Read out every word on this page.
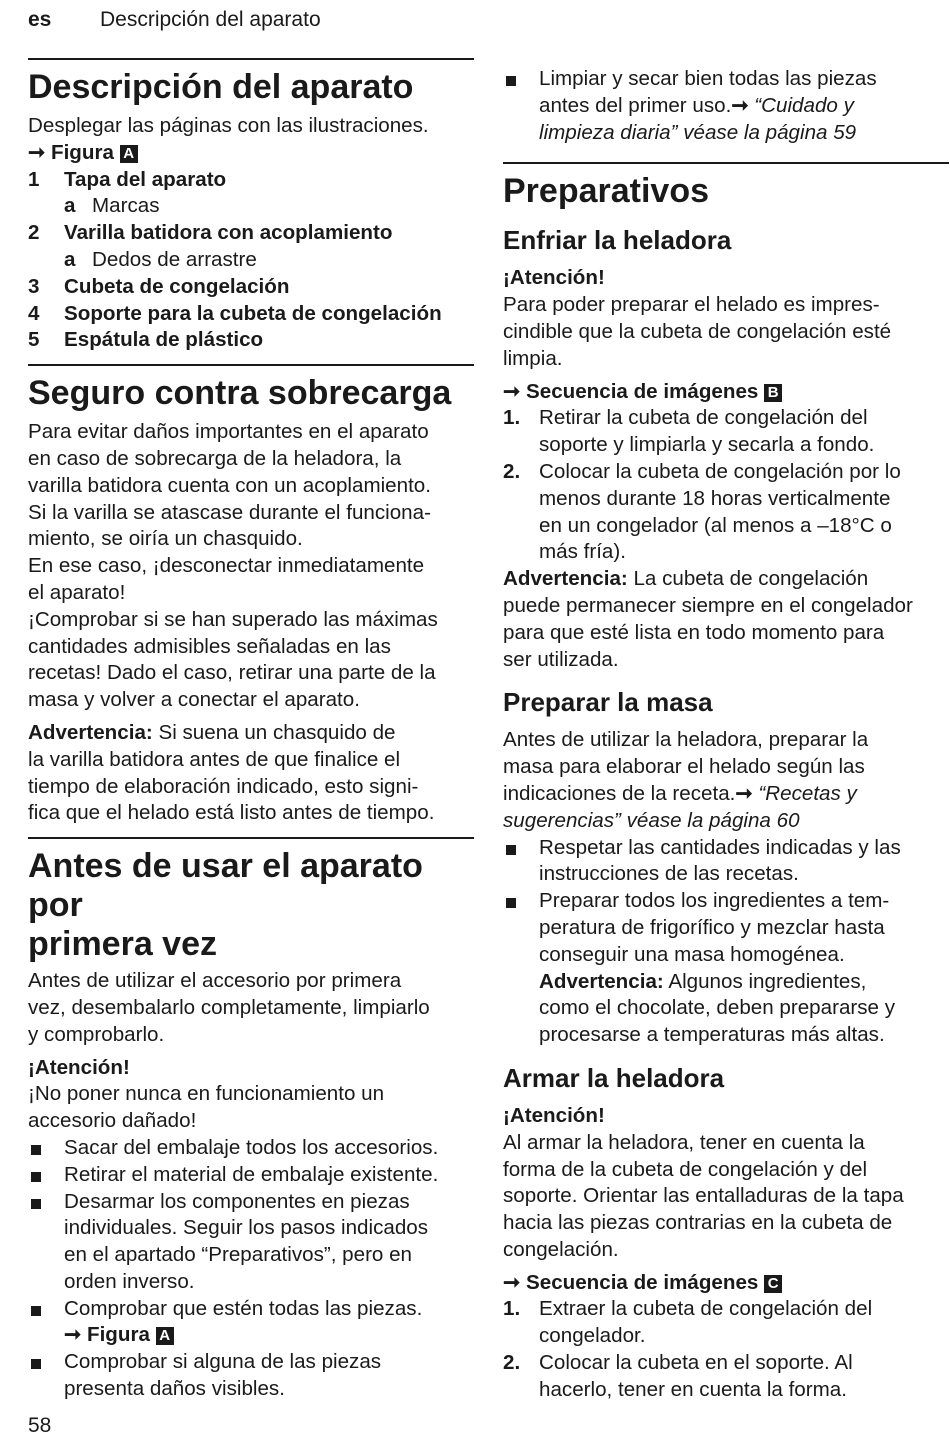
es Descripción del aparato
Descripción del aparato

Desplegar las páginas con las ilustraciones.

➞ Figura A

1	Tapa del aparato
a Marcas
2	Varilla batidora con acoplamiento
a Dedos de arrastre
3	Cubeta de congelación
4	Soporte para la cubeta de congelación
5	Espátula de plástico
Seguro contra sobrecarga

Para evitar daños importantes en el aparato

en caso de sobrecarga de la heladora, la

varilla batidora cuenta con un acoplamiento.

Si la varilla se atascase durante el funciona-

miento, se oiría un chasquido.

En ese caso, ¡desconectar inmediatamente

el aparato!

¡Comprobar si se han superado las máximas

cantidades admisibles señaladas en las

recetas! Dado el caso, retirar una parte de la

masa y volver a conectar el aparato.

Advertencia: Si suena un chasquido de

la varilla batidora antes de que finalice el

tiempo de elaboración indicado, esto signi-

fica que el helado está listo antes de tiempo.

Antes de usar el aparato por
primera vez

Antes de utilizar el accesorio por primera

vez, desembalarlo completamente, limpiarlo

y comprobarlo.

¡Atención!

¡No poner nunca en funcionamiento un

accesorio dañado!

Sacar del embalaje todos los accesorios.
Retirar el material de embalaje existente.
Desarmar los componentes en piezas
individuales. Seguir los pasos indicados
en el apartado “Preparativos”, pero en
orden inverso.
Comprobar que estén todas las piezas.
➞ Figura A
Comprobar si alguna de las piezas
presenta daños visibles.
Limpiar y secar bien todas las piezas
antes del primer uso.➞ “Cuidado y
limpieza diaria” véase la página 59
Preparativos
Enfriar la heladora

¡Atención!

Para poder preparar el helado es impres-

cindible que la cubeta de congelación esté

limpia.

➞ Secuencia de imágenes B

1. Retirar la cubeta de congelación del
soporte y limpiarla y secarla a fondo.
2. Colocar la cubeta de congelación por lo
menos durante 18 horas verticalmente
en un congelador (al menos a –18°C o
más fría).

Advertencia: La cubeta de congelación

puede permanecer siempre en el congelador

para que esté lista en todo momento para

ser utilizada.

Preparar la masa

Antes de utilizar la heladora, preparar la

masa para elaborar el helado según las

indicaciones de la receta.➞ “Recetas y

sugerencias” véase la página 60

Respetar las cantidades indicadas y las
instrucciones de las recetas.
Preparar todos los ingredientes a tem-
peratura de frigorífico y mezclar hasta
conseguir una masa homogénea.
Advertencia: Algunos ingredientes,
como el chocolate, deben prepararse y
procesarse a temperaturas más altas.
Armar la heladora

¡Atención!

Al armar la heladora, tener en cuenta la

forma de la cubeta de congelación y del

soporte. Orientar las entalladuras de la tapa

hacia las piezas contrarias en la cubeta de

congelación.

➞ Secuencia de imágenes C

1. Extraer la cubeta de congelación del
congelador.
2. Colocar la cubeta en el soporte. Al
hacerlo, tener en cuenta la forma.
58
